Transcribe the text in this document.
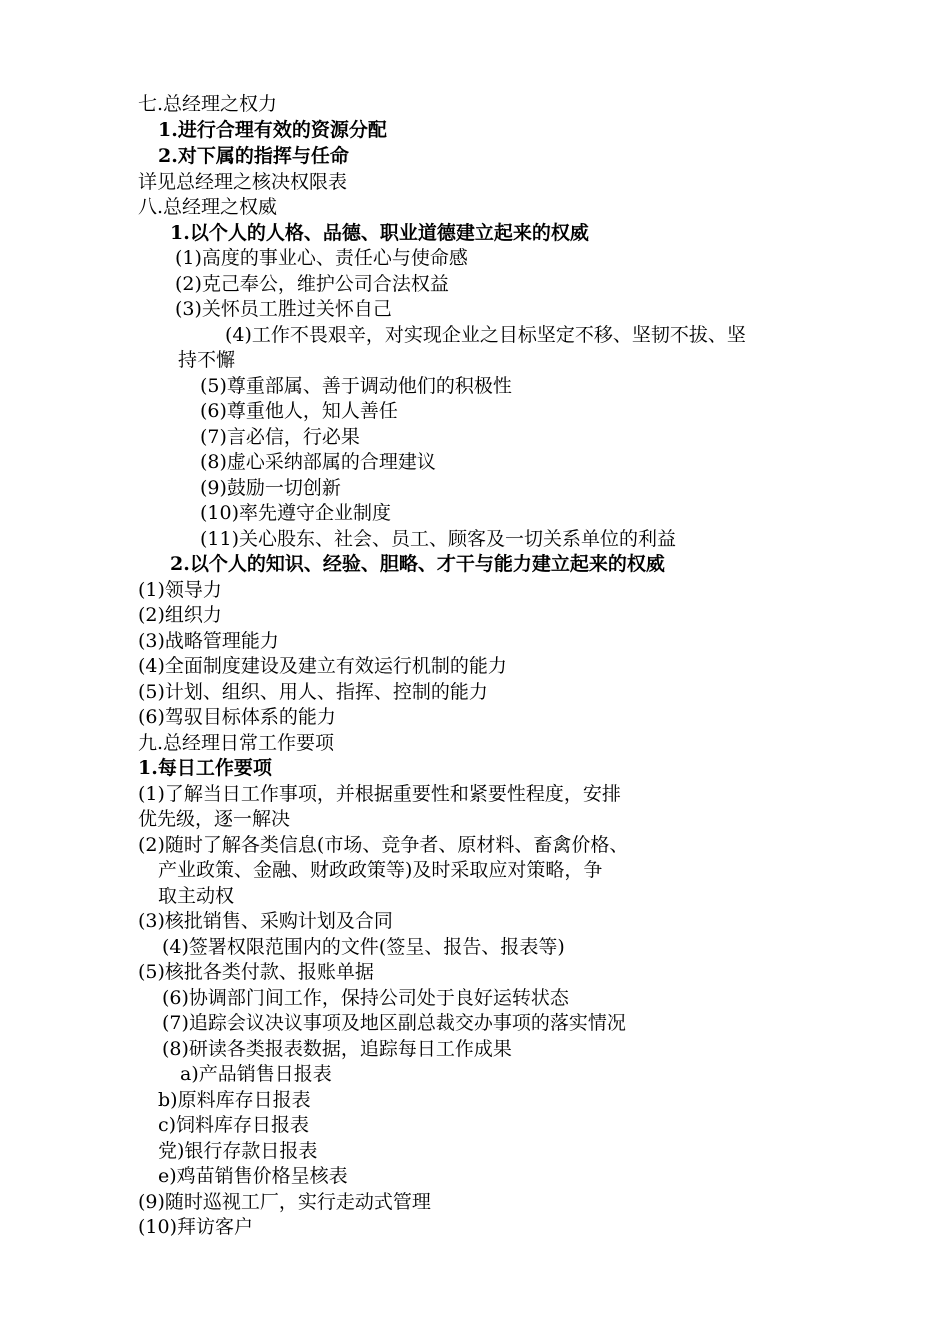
七.总经理之权力
1.进行合理有效的资源分配
2.对下属的指挥与任命
详见总经理之核决权限表
八.总经理之权威
1.以个人的人格、品德、职业道德建立起来的权威
(1)高度的事业心、责任心与使命感
(2)克己奉公，维护公司合法权益
(3)关怀员工胜过关怀自己
(4)工作不畏艰辛，对实现企业之目标坚定不移、坚韧不拔、坚
持不懈
(5)尊重部属、善于调动他们的积极性
(6)尊重他人，知人善任
(7)言必信，行必果
(8)虚心采纳部属的合理建议
(9)鼓励一切创新
(10)率先遵守企业制度
(11)关心股东、社会、员工、顾客及一切关系单位的利益
2.以个人的知识、经验、胆略、才干与能力建立起来的权威
(1)领导力
(2)组织力
(3)战略管理能力
(4)全面制度建设及建立有效运行机制的能力
(5)计划、组织、用人、指挥、控制的能力
(6)驾驭目标体系的能力
九.总经理日常工作要项
1.每日工作要项
(1)了解当日工作事项，并根据重要性和紧要性程度，安排
优先级，逐一解决
(2)随时了解各类信息(市场、竞争者、原材料、畜禽价格、
产业政策、金融、财政政策等)及时采取应对策略，争
取主动权
(3)核批销售、采购计划及合同
(4)签署权限范围内的文件(签呈、报告、报表等)
(5)核批各类付款、报账单据
(6)协调部门间工作，保持公司处于良好运转状态
(7)追踪会议决议事项及地区副总裁交办事项的落实情况
(8)研读各类报表数据，追踪每日工作成果
a)产品销售日报表
b)原料库存日报表
c)饲料库存日报表
党)银行存款日报表
e)鸡苗销售价格呈核表
(9)随时巡视工厂，实行走动式管理
(10)拜访客户
